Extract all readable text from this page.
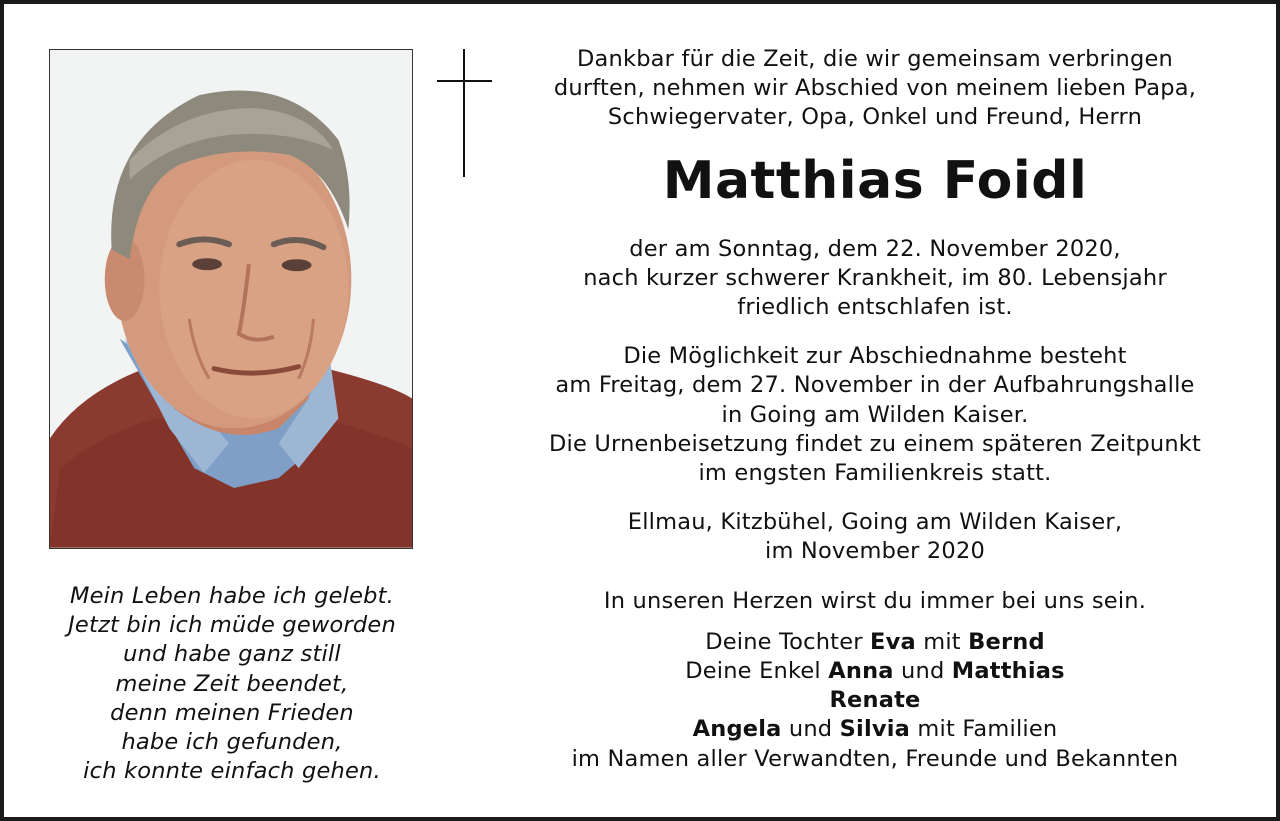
Mein Leben habe ich gelebt.
Jetzt bin ich müde geworden
und habe ganz still
meine Zeit beendet,
denn meinen Frieden
habe ich gefunden,
ich konnte einfach gehen.
Dankbar für die Zeit, die wir gemeinsam verbringen
durften, nehmen wir Abschied von meinem lieben Papa,
Schwiegervater, Opa, Onkel und Freund, Herrn
Matthias Foidl
der am Sonntag, dem 22. November 2020,
nach kurzer schwerer Krankheit, im 80. Lebensjahr
friedlich entschlafen ist.
Die Möglichkeit zur Abschiednahme besteht
am Freitag, dem 27. November in der Aufbahrungshalle
in Going am Wilden Kaiser.
Die Urnenbeisetzung findet zu einem späteren Zeitpunkt
im engsten Familienkreis statt.
Ellmau, Kitzbühel, Going am Wilden Kaiser,
im November 2020
In unseren Herzen wirst du immer bei uns sein.
Deine Tochter Eva mit Bernd
Deine Enkel Anna und Matthias
Renate
Angela und Silvia mit Familien
im Namen aller Verwandten, Freunde und Bekannten
